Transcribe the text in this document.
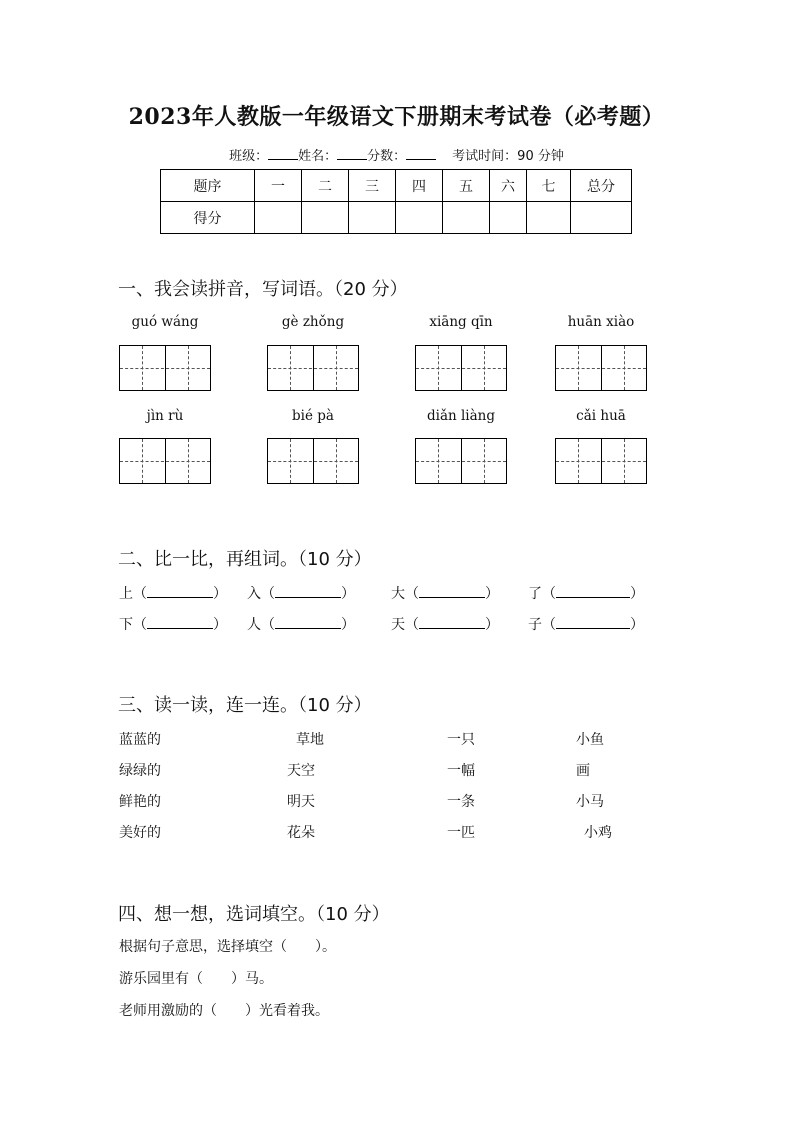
2023年人教版一年级语文下册期末考试卷（必考题）
班级： 姓名： 分数：	考试时间：90 分钟
题序	一	二	三	四	五	六	七	总分
得分								
一、我会读拼音，写词语。（20 分）
guó wáng	gè zhǒng	xiāng qīn	huān xiào
jìn rù	bié pà	diǎn liàng	cǎi huā
二、比一比，再组词。（10 分）
上（	） 入（	）	大（	） 了（	）
下（	） 人（	）	天（	） 子（	）
三、读一读，连一连。（10 分）
蓝蓝的	草地	一只	小鱼
绿绿的	天空	一幅	画
鲜艳的	明天	一条	小马
美好的	花朵	一匹	小鸡
四、想一想，选词填空。（10 分）
根据句子意思，选择填空（　　）。
游乐园里有（　　）马。
老师用激励的（　　）光看着我。
